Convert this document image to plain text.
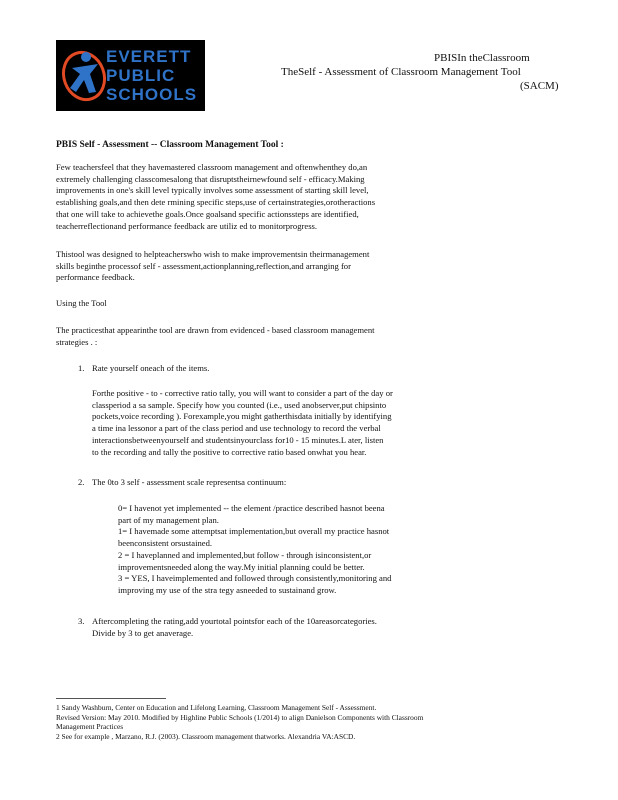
EVERETT
PUBLIC
SCHOOLS
PBISIn theClassroom
TheSelf - Assessment of Classroom Management Tool
(SACM)
PBIS Self - Assessment -- Classroom Management Tool :
Few teachersfeel that they havemastered classroom management and oftenwhenthey do,an
extremely challenging classcomesalong that disruptstheirnewfound self - efficacy.Making
improvements in one's skill level typically involves some assessment of starting skill level,
establishing goals,and then dete rmining specific steps,use of certainstrategies,orotheractions
that one will take to achievethe goals.Once goalsand specific actionssteps are identified,
teacherreflectionand performance feedback are utiliz ed to monitorprogress.
Thistool was designed to helpteacherswho wish to make improvementsin theirmanagement
skills beginthe processof self - assessment,actionplanning,reflection,and arranging for
performance feedback.
Using the Tool
The practicesthat appearinthe tool are drawn from evidenced - based classroom management
strategies . :
1. Rate yourself oneach of the items.
Forthe positive - to - corrective ratio tally, you will want to consider a part of the day or
classperiod a sa sample. Specify how you counted (i.e., used anobserver,put chipsinto
pockets,voice recording ). Forexample,you might gatherthisdata initially by identifying
a time ina lessonor a part of the class period and use technology to record the verbal
interactionsbetweenyourself and studentsinyourclass for10 - 15 minutes.L ater, listen
to the recording and tally the positive to corrective ratio based onwhat you hear.
2. The 0to 3 self - assessment scale representsa continuum:
0= I havenot yet implemented -- the element /practice described hasnot beena
part of my management plan.
1= I havemade some attemptsat implementation,but overall my practice hasnot
beenconsistent orsustained.
2 = I haveplanned and implemented,but follow - through isinconsistent,or
improvementsneeded along the way.My initial planning could be better.
3 = YES, I haveimplemented and followed through consistently,monitoring and
improving my use of the stra tegy asneeded to sustainand grow.
3. Aftercompleting the rating,add yourtotal pointsfor each of the 10areasorcategories.
Divide by 3 to get anaverage.
1 Sandy Washburn, Center on Education and Lifelong Learning, Classroom Management Self - Assessment.
Revised Version: May 2010. Modified by Highline Public Schools (1/2014) to align Danielson Components with Classroom
Management Practices
2 See for example , Marzano, R.J. (2003). Classroom management thatworks. Alexandria VA:ASCD.
